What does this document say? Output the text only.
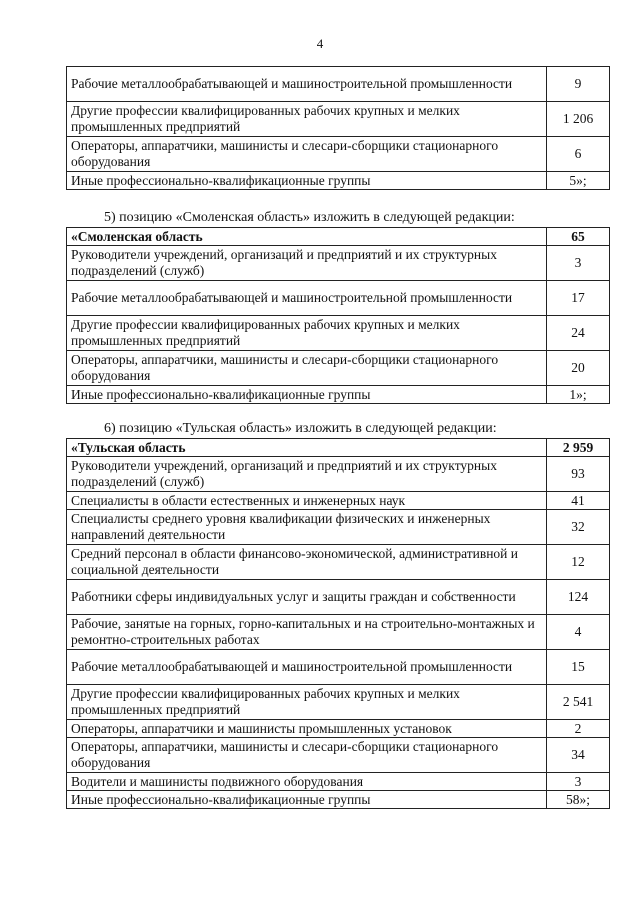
4
Рабочие металлообрабатывающей и машиностроительной промышленности	9
Другие профессии квалифицированных рабочих крупных и мелких промышленных предприятий	1 206
Операторы, аппаратчики, машинисты и слесари-сборщики стационарного оборудования	6
Иные профессионально-квалификационные группы	5»;
5) позицию «Смоленская область» изложить в следующей редакции:
«Смоленская область	65
Руководители учреждений, организаций и предприятий и их структурных подразделений (служб)	3
Рабочие металлообрабатывающей и машиностроительной промышленности	17
Другие профессии квалифицированных рабочих крупных и мелких промышленных предприятий	24
Операторы, аппаратчики, машинисты и слесари-сборщики стационарного оборудования	20
Иные профессионально-квалификационные группы	1»;
6) позицию «Тульская область» изложить в следующей редакции:
«Тульская область	2 959
Руководители учреждений, организаций и предприятий и их структурных подразделений (служб)	93
Специалисты в области естественных и инженерных наук	41
Специалисты среднего уровня квалификации физических и инженерных направлений деятельности	32
Средний персонал в области финансово-экономической, административной и социальной деятельности	12
Работники сферы индивидуальных услуг и защиты граждан и собственности	124
Рабочие, занятые на горных, горно-капитальных и на строительно-монтажных и ремонтно-строительных работах	4
Рабочие металлообрабатывающей и машиностроительной промышленности	15
Другие профессии квалифицированных рабочих крупных и мелких промышленных предприятий	2 541
Операторы, аппаратчики и машинисты промышленных установок	2
Операторы, аппаратчики, машинисты и слесари-сборщики стационарного оборудования	34
Водители и машинисты подвижного оборудования	3
Иные профессионально-квалификационные группы	58»;
